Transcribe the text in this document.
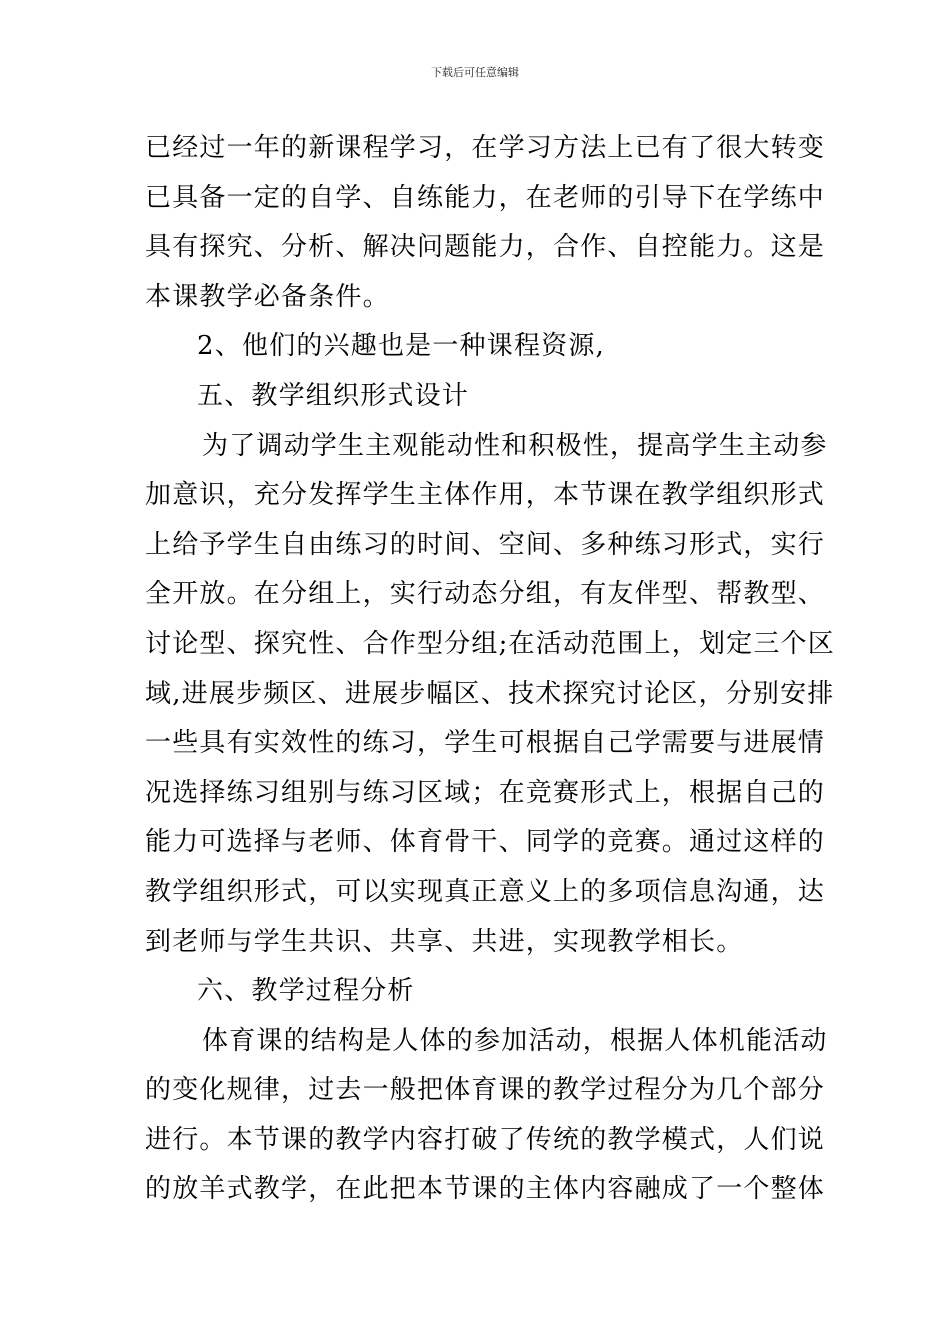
下载后可任意编辑
已经过一年的新课程学习，在学习方法上已有了很大转变
已具备一定的自学、自练能力，在老师的引导下在学练中
具有探究、分析、解决问题能力，合作、自控能力。这是
本课教学必备条件。
2、他们的兴趣也是一种课程资源,
五、教学组织形式设计
为了调动学生主观能动性和积极性，提高学生主动参
加意识，充分发挥学生主体作用，本节课在教学组织形式
上给予学生自由练习的时间、空间、多种练习形式，实行
全开放。在分组上，实行动态分组，有友伴型、帮教型、
讨论型、探究性、合作型分组;在活动范围上，划定三个区
域,进展步频区、进展步幅区、技术探究讨论区，分别安排
一些具有实效性的练习，学生可根据自己学需要与进展情
况选择练习组别与练习区域；在竞赛形式上，根据自己的
能力可选择与老师、体育骨干、同学的竞赛。通过这样的
教学组织形式，可以实现真正意义上的多项信息沟通，达
到老师与学生共识、共享、共进，实现教学相长。
六、教学过程分析
体育课的结构是人体的参加活动，根据人体机能活动
的变化规律，过去一般把体育课的教学过程分为几个部分
进行。本节课的教学内容打破了传统的教学模式，人们说
的放羊式教学，在此把本节课的主体内容融成了一个整体
